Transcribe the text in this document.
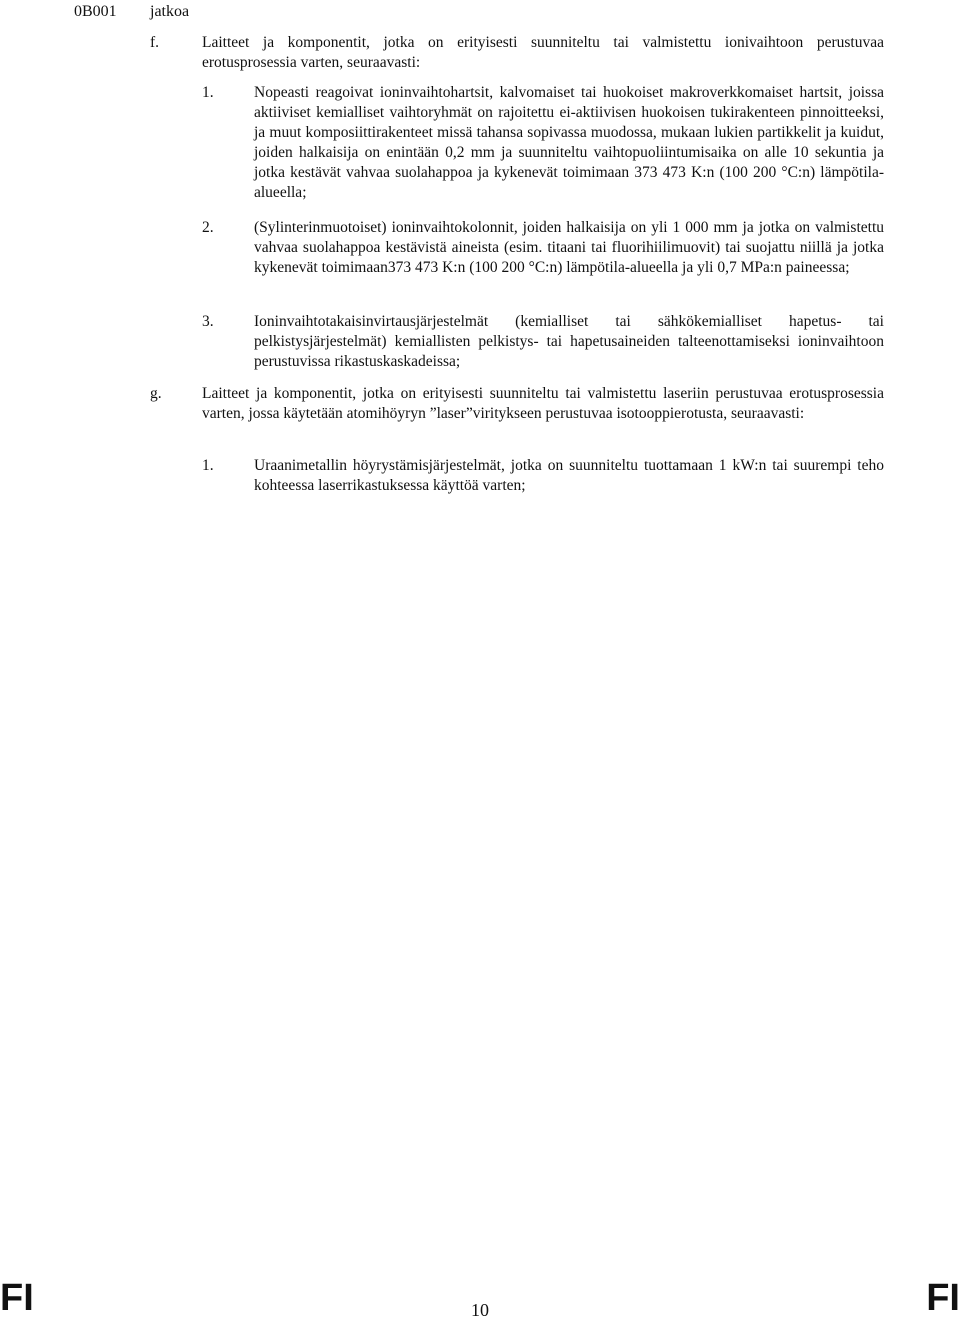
0B001 jatkoa
f.	Laitteet ja komponentit, jotka on erityisesti suunniteltu tai valmistettu ionivaihtoon perustuvaa erotusprosessia varten, seuraavasti:
1.	Nopeasti reagoivat ioninvaihtohartsit, kalvomaiset tai huokoiset makroverkkomaiset hartsit, joissa aktiiviset kemialliset vaihtoryhmät on rajoitettu ei-aktiivisen huokoisen tukirakenteen pinnoitteeksi, ja muut komposiittirakenteet missä tahansa sopivassa muodossa, mukaan lukien partikkelit ja kuidut, joiden halkaisija on enintään 0,2 mm ja suunniteltu vaihtopuoliintumisaika on alle 10 sekuntia ja jotka kestävät vahvaa suolahappoa ja kykenevät toimimaan 373 473 K:n (100 200 °C:n) lämpötila-alueella;
2.	(Sylinterinmuotoiset) ioninvaihtokolonnit, joiden halkaisija on yli 1 000 mm ja jotka on valmistettu vahvaa suolahappoa kestävistä aineista (esim. titaani tai fluorihiilimuovit) tai suojattu niillä ja jotka kykenevät toimimaan373 473 K:n (100 200 °C:n) lämpötila-alueella ja yli 0,7 MPa:n paineessa;
3.	Ioninvaihtotakaisinvirtausjärjestelmät (kemialliset tai sähkökemialliset hapetus- tai pelkistysjärjestelmät) kemiallisten pelkistys- tai hapetusaineiden talteenottamiseksi ioninvaihtoon perustuvissa rikastuskaskadeissa;
g.	Laitteet ja komponentit, jotka on erityisesti suunniteltu tai valmistettu laseriin perustuvaa erotusprosessia varten, jossa käytetään atomihöyryn ”laser”viritykseen perustuvaa isotooppierotusta, seuraavasti:
1.	Uraanimetallin höyrystämisjärjestelmät, jotka on suunniteltu tuottamaan 1 kW:n tai suurempi teho kohteessa laserrikastuksessa käyttöä varten;
FI	10	FI
